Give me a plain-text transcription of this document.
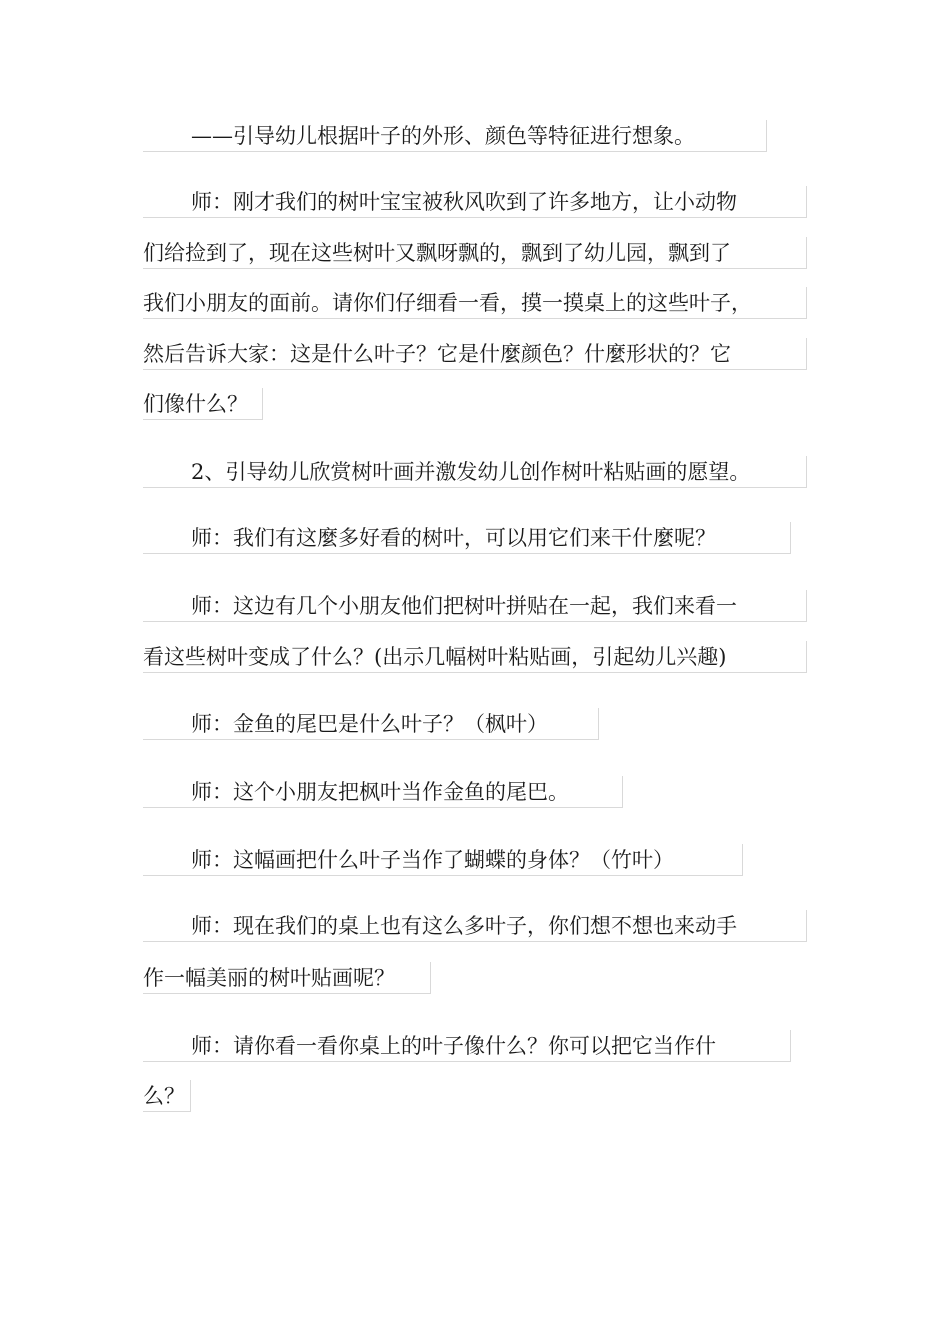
——引导幼儿根据叶子的外形、颜色等特征进行想象。
师：刚才我们的树叶宝宝被秋风吹到了许多地方，让小动物
们给捡到了，现在这些树叶又飘呀飘的，飘到了幼儿园，飘到了
我们小朋友的面前。请你们仔细看一看，摸一摸桌上的这些叶子，
然后告诉大家：这是什么叶子？它是什麼颜色？什麼形状的？它
们像什么？
2、引导幼儿欣赏树叶画并激发幼儿创作树叶粘贴画的愿望。
师：我们有这麼多好看的树叶，可以用它们来干什麼呢？
师：这边有几个小朋友他们把树叶拼贴在一起，我们来看一
看这些树叶变成了什么？(出示几幅树叶粘贴画，引起幼儿兴趣)
师：金鱼的尾巴是什么叶子？（枫叶）
师：这个小朋友把枫叶当作金鱼的尾巴。
师：这幅画把什么叶子当作了蝴蝶的身体？（竹叶）
师：现在我们的桌上也有这么多叶子，你们想不想也来动手
作一幅美丽的树叶贴画呢？
师：请你看一看你桌上的叶子像什么？你可以把它当作什
么？
